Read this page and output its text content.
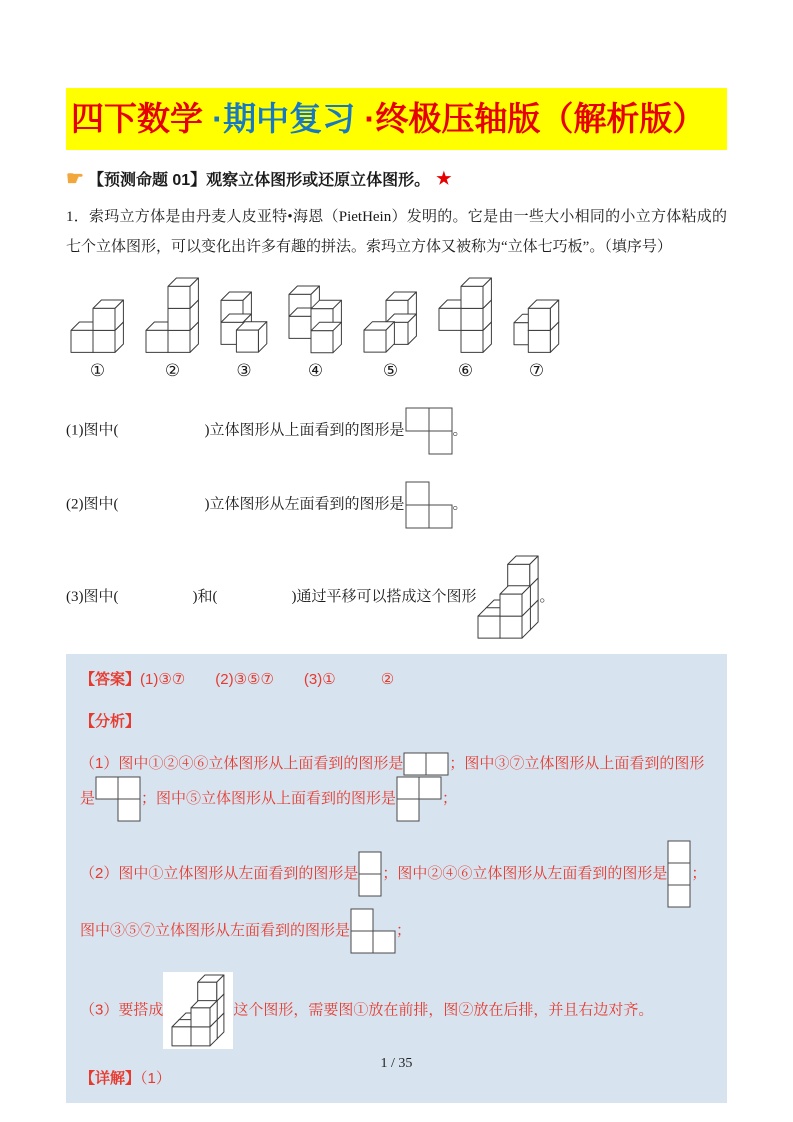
四下数学 ·期中复习 ·终极压轴版（解析版）
☛ 【预测命题 01】观察立体图形或还原立体图形。 ★

1．索玛立方体是由丹麦人皮亚特•海恩（PietHein）发明的。它是由一些大小相同的小立方体粘成的七个立体图形，可以变化出许多有趣的拼法。索玛立方体又被称为“立体七巧板”。（填序号）

①	②	③	④	⑤	⑥	⑦
(1)图中(	)立体图形从上面看到的图形是	。
(2)图中(	)立体图形从左面看到的图形是	。
(3)图中(	)和(	)通过平移可以搭成这个图形	。

【答案】(1)③⑦　　(2)③⑤⑦　　(3)①　　　②

【分析】

（1）图中①②④⑥立体图形从上面看到的图形是	；图中③⑦立体图形从上面看到的图形是	；图中⑤立体图形从上面看到的图形是	；

（2）图中①立体图形从左面看到的图形是 ；图中②④⑥立体图形从左面看到的图形是 ；图中③⑤⑦立体图形从左面看到的图形是	；

（3）要搭成	这个图形，需要图①放在前排，图②放在后排，并且右边对齐。

【详解】（1）

1 / 35
